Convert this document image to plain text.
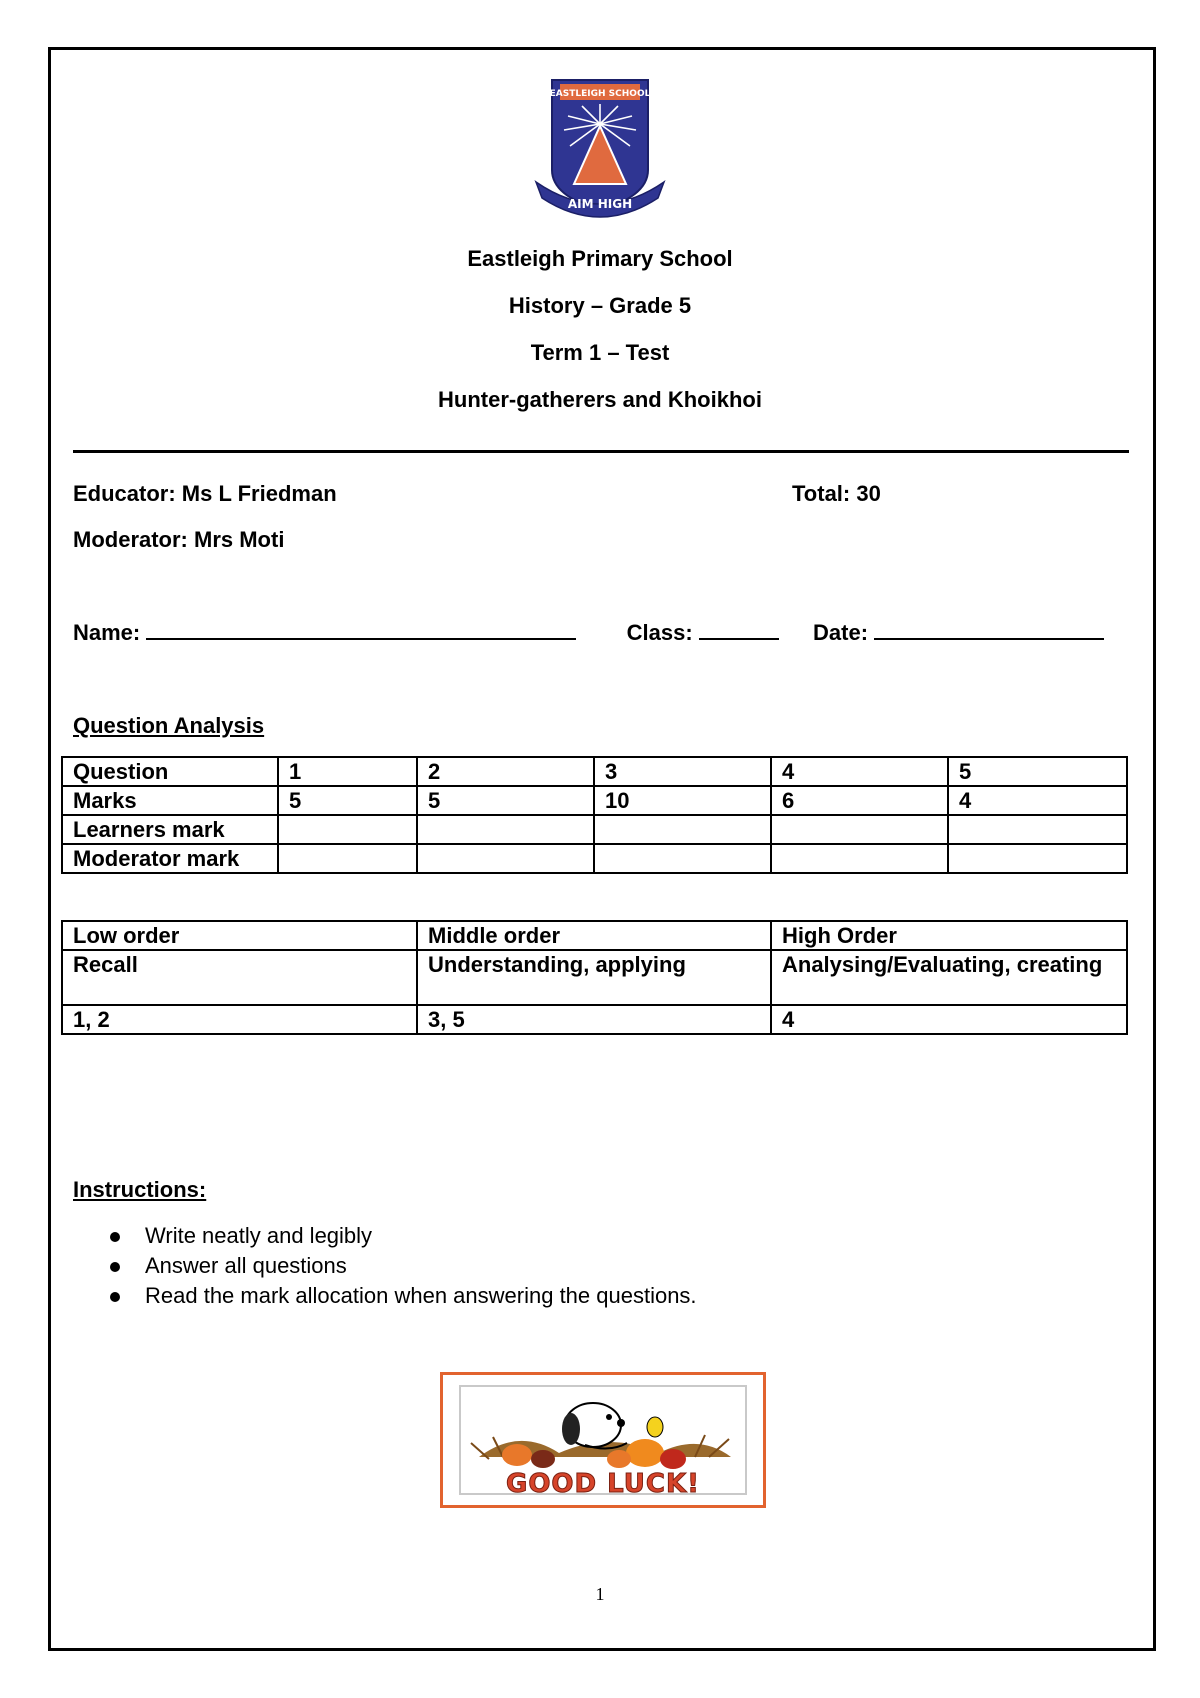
EASTLEIGH SCHOOL
AIM HIGH
Eastleigh Primary School
History – Grade 5
Term 1 – Test
Hunter-gatherers and Khoikhoi
Educator: Ms L Friedman	Total: 30
Moderator: Mrs Moti
Name:	Class:	Date:
Question Analysis
Question	1	2	3	4	5
Marks	5	5	10	6	4
Learners mark					
Moderator mark					
Low order	Middle order	High Order
Recall	Understanding, applying	Analysing/Evaluating, creating
1, 2	3, 5	4
Instructions:
Write neatly and legibly
Answer all questions
Read the mark allocation when answering the questions.
GOOD LUCK!
1
